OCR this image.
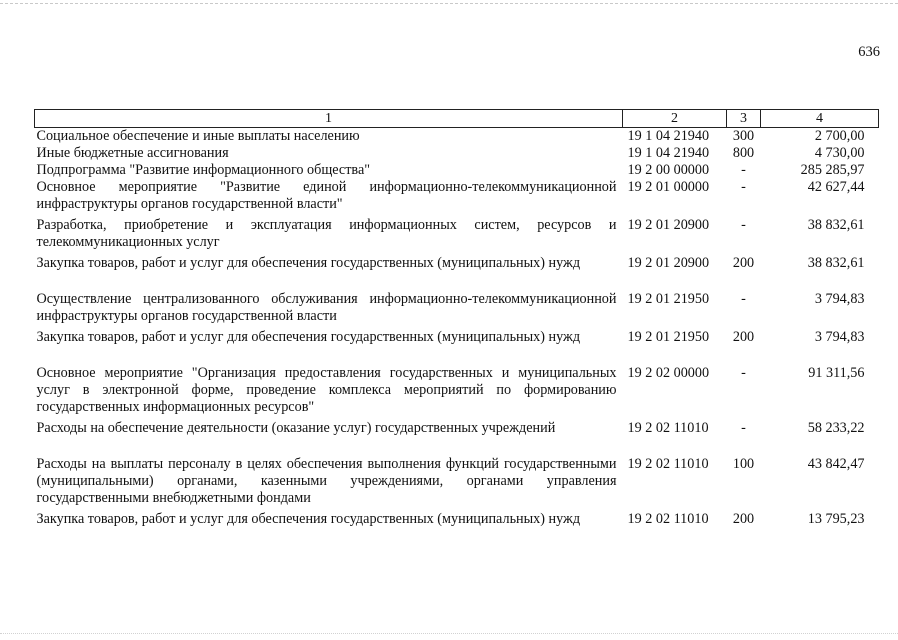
636
1	2	3	4
Социальное обеспечение и иные выплаты населению	19 1 04 21940	300	2 700,00
Иные бюджетные ассигнования	19 1 04 21940	800	4 730,00
Подпрограмма "Развитие информационного общества"	19 2 00 00000	-	285 285,97
Основное мероприятие "Развитие единой информационно-телекоммуникационной инфраструктуры органов государственной власти"	19 2 01 00000	-	42 627,44
Разработка, приобретение и эксплуатация информационных систем, ресурсов и телекоммуникационных услуг	19 2 01 20900	-	38 832,61
Закупка товаров, работ и услуг для обеспечения государственных (муниципальных) нужд	19 2 01 20900	200	38 832,61
Осуществление централизованного обслуживания информационно-телекоммуникационной инфраструктуры органов государственной власти	19 2 01 21950	-	3 794,83
Закупка товаров, работ и услуг для обеспечения государственных (муниципальных) нужд	19 2 01 21950	200	3 794,83
Основное мероприятие "Организация предоставления государственных и муниципальных услуг в электронной форме, проведение комплекса мероприятий по формированию государственных информационных ресурсов"	19 2 02 00000	-	91 311,56
Расходы на обеспечение деятельности (оказание услуг) государственных учреждений	19 2 02 11010	-	58 233,22
Расходы на выплаты персоналу в целях обеспечения выполнения функций государственными (муниципальными) органами, казенными учреждениями, органами управления государственными внебюджетными фондами	19 2 02 11010	100	43 842,47
Закупка товаров, работ и услуг для обеспечения государственных (муниципальных) нужд	19 2 02 11010	200	13 795,23
